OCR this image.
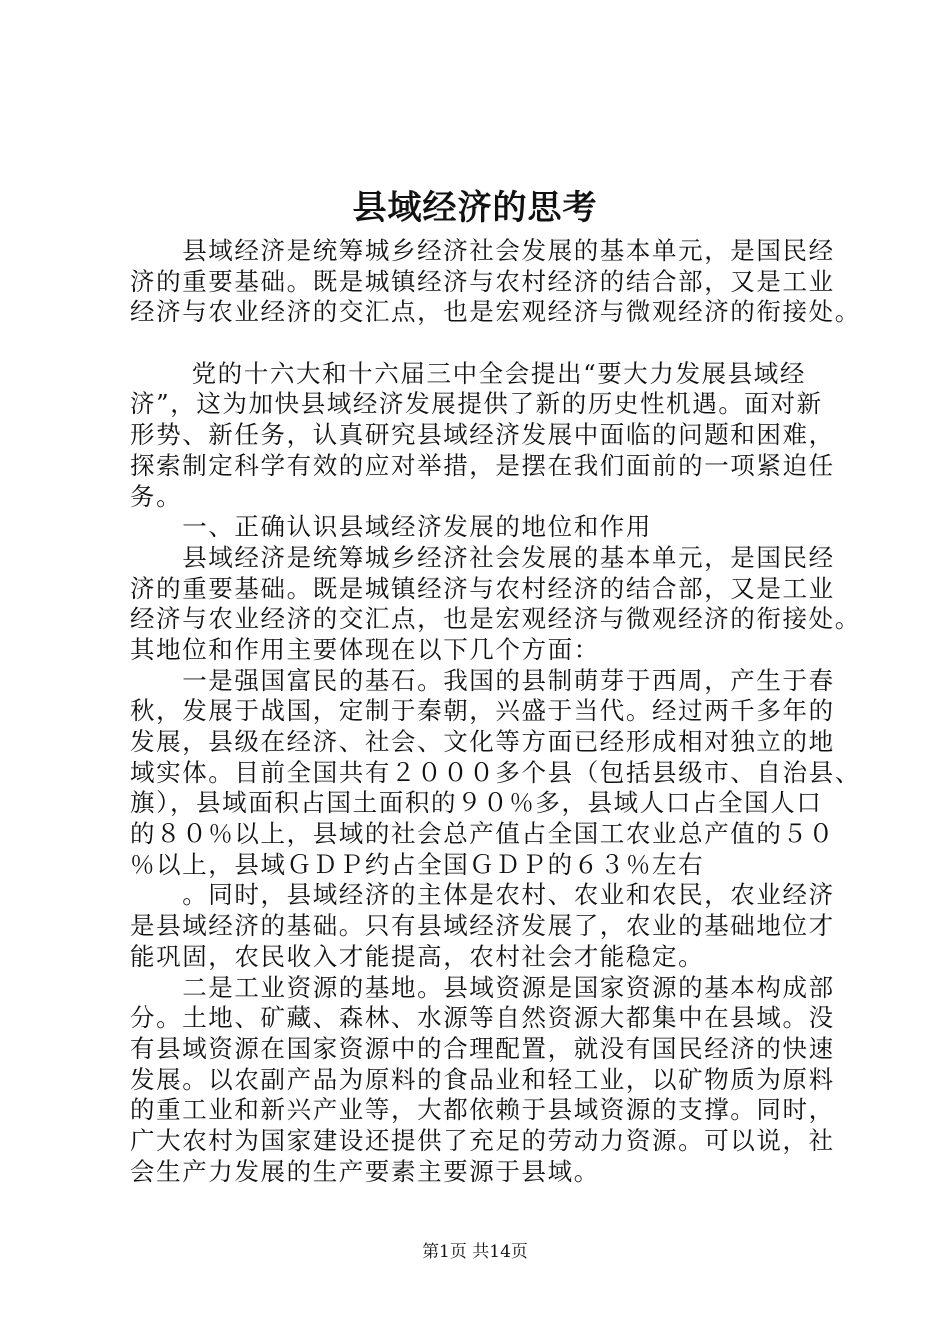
县域经济的思考
　　县域经济是统筹城乡经济社会发展的基本单元，是国民经
济的重要基础。既是城镇经济与农村经济的结合部，又是工业
经济与农业经济的交汇点，也是宏观经济与微观经济的衔接处。
　　 党的十六大和十六届三中全会提出“要大力发展县域经
济”，这为加快县域经济发展提供了新的历史性机遇。面对新
形势、新任务，认真研究县域经济发展中面临的问题和困难，
探索制定科学有效的应对举措，是摆在我们面前的一项紧迫任
务。
　　一、正确认识县域经济发展的地位和作用
　　县域经济是统筹城乡经济社会发展的基本单元，是国民经
济的重要基础。既是城镇经济与农村经济的结合部，又是工业
经济与农业经济的交汇点，也是宏观经济与微观经济的衔接处。
其地位和作用主要体现在以下几个方面：
　　一是强国富民的基石。我国的县制萌芽于西周，产生于春
秋，发展于战国，定制于秦朝，兴盛于当代。经过两千多年的
发展，县级在经济、社会、文化等方面已经形成相对独立的地
域实体。目前全国共有２０００多个县（包括县级市、自治县、
旗），县域面积占国土面积的９０％多，县域人口占全国人口
的８０％以上，县域的社会总产值占全国工农业总产值的５０
％以上，县域ＧＤＰ约占全国ＧＤＰ的６３％左右
　　。同时，县域经济的主体是农村、农业和农民，农业经济
是县域经济的基础。只有县域经济发展了，农业的基础地位才
能巩固，农民收入才能提高，农村社会才能稳定。
　　二是工业资源的基地。县域资源是国家资源的基本构成部
分。土地、矿藏、森林、水源等自然资源大都集中在县域。没
有县域资源在国家资源中的合理配置，就没有国民经济的快速
发展。以农副产品为原料的食品业和轻工业，以矿物质为原料
的重工业和新兴产业等，大都依赖于县域资源的支撑。同时，
广大农村为国家建设还提供了充足的劳动力资源。可以说，社
会生产力发展的生产要素主要源于县域。
第1页 共14页
